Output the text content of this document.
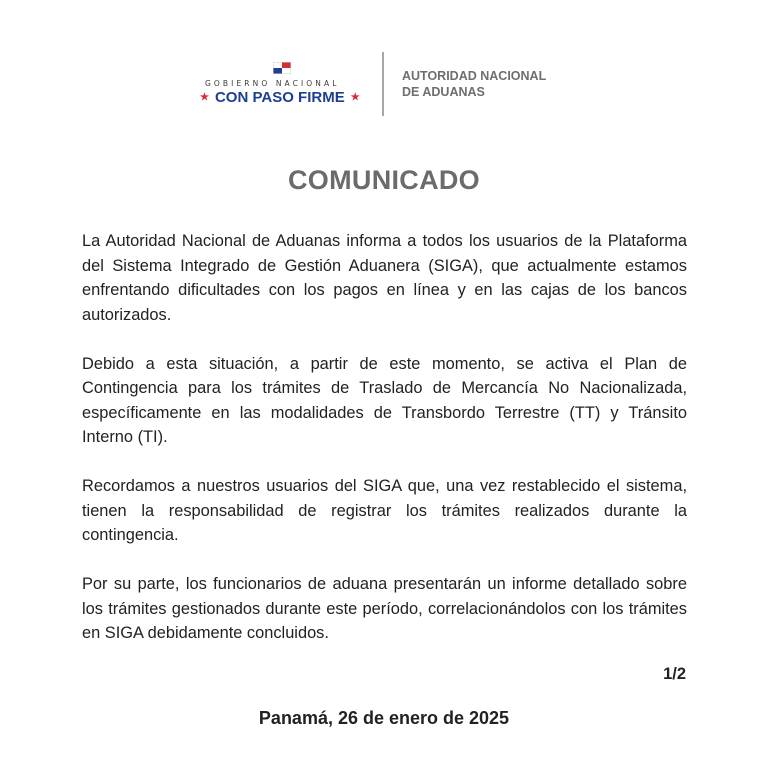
GOBIERNO NACIONAL
★ CON PASO FIRME ★
AUTORIDAD NACIONAL
DE ADUANAS
COMUNICADO

La Autoridad Nacional de Aduanas informa a todos los usuarios de la Plataforma del Sistema Integrado de Gestión Aduanera (SIGA), que actualmente estamos enfrentando dificultades con los pagos en línea y en las cajas de los bancos autorizados.

Debido a esta situación, a partir de este momento, se activa el Plan de Contingencia para los trámites de Traslado de Mercancía No Nacionalizada, específicamente en las modalidades de Transbordo Terrestre (TT) y Tránsito Interno (TI).

Recordamos a nuestros usuarios del SIGA que, una vez restablecido el sistema, tienen la responsabilidad de registrar los trámites realizados durante la contingencia.

Por su parte, los funcionarios de aduana presentarán un informe detallado sobre los trámites gestionados durante este período, correlacionándolos con los trámites en SIGA debidamente concluidos.

1/2
Panamá, 26 de enero de 2025
